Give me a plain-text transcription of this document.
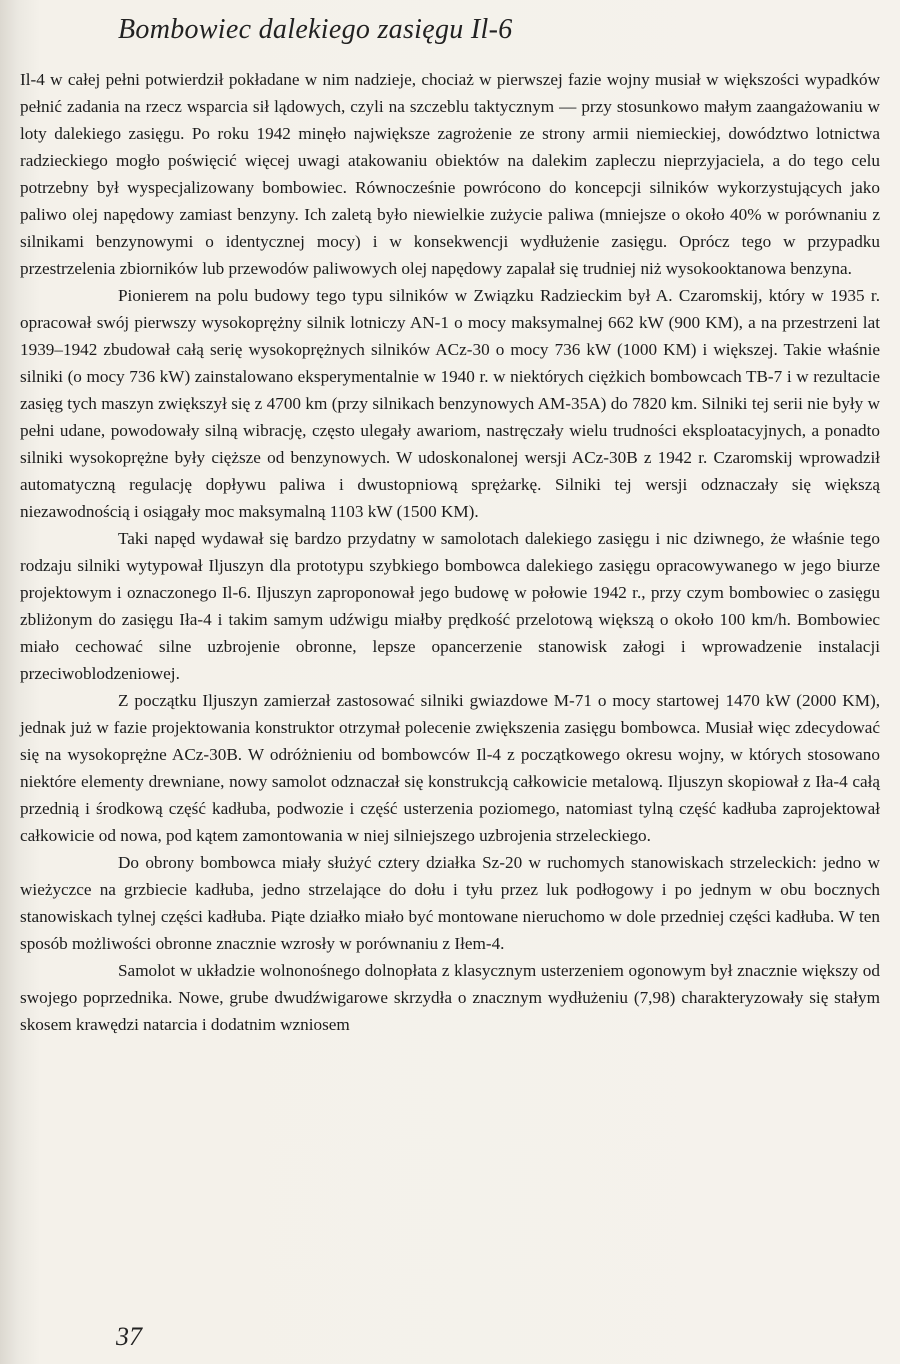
Bombowiec dalekiego zasięgu Il-6

Il-4 w całej pełni potwierdził pokładane w nim nadzieje, chociaż w pierwszej fazie wojny musiał w większości wypadków pełnić zadania na rzecz wsparcia sił lądowych, czyli na szczeblu taktycznym — przy stosunkowo małym zaangażowaniu w loty dalekiego zasięgu. Po roku 1942 minęło największe zagrożenie ze strony armii niemieckiej, dowództwo lotnictwa radzieckiego mogło poświęcić więcej uwagi atakowaniu obiektów na dalekim zapleczu nieprzyjaciela, a do tego celu potrzebny był wyspecjalizowany bombowiec. Równocześnie powrócono do koncepcji silników wykorzystujących jako paliwo olej napędowy zamiast benzyny. Ich zaletą było niewielkie zużycie paliwa (mniejsze o około 40% w porównaniu z silnikami benzynowymi o identycznej mocy) i w konsekwencji wydłużenie zasięgu. Oprócz tego w przypadku przestrzelenia zbiorników lub przewodów paliwowych olej napędowy zapalał się trudniej niż wysokooktanowa benzyna.

Pionierem na polu budowy tego typu silników w Związku Radzieckim był A. Czaromskij, który w 1935 r. opracował swój pierwszy wysokoprężny silnik lotniczy AN-1 o mocy maksymalnej 662 kW (900 KM), a na przestrzeni lat 1939–1942 zbudował całą serię wysokoprężnych silników ACz-30 o mocy 736 kW (1000 KM) i większej. Takie właśnie silniki (o mocy 736 kW) zainstalowano eksperymentalnie w 1940 r. w niektórych ciężkich bombowcach TB-7 i w rezultacie zasięg tych maszyn zwiększył się z 4700 km (przy silnikach benzynowych AM-35A) do 7820 km. Silniki tej serii nie były w pełni udane, powodowały silną wibrację, często ulegały awariom, nastręczały wielu trudności eksploatacyjnych, a ponadto silniki wysokoprężne były cięższe od benzynowych. W udoskonalonej wersji ACz-30B z 1942 r. Czaromskij wprowadził automatyczną regulację dopływu paliwa i dwustopniową sprężarkę. Silniki tej wersji odznaczały się większą niezawodnością i osiągały moc maksymalną 1103 kW (1500 KM).

Taki napęd wydawał się bardzo przydatny w samolotach dalekiego zasięgu i nic dziwnego, że właśnie tego rodzaju silniki wytypował Iljuszyn dla prototypu szybkiego bombowca dalekiego zasięgu opracowywanego w jego biurze projektowym i oznaczonego Il-6. Iljuszyn zaproponował jego budowę w połowie 1942 r., przy czym bombowiec o zasięgu zbliżonym do zasięgu Iła-4 i takim samym udźwigu miałby prędkość przelotową większą o około 100 km/h. Bombowiec miało cechować silne uzbrojenie obronne, lepsze opancerzenie stanowisk załogi i wprowadzenie instalacji przeciwoblodzeniowej.

Z początku Iljuszyn zamierzał zastosować silniki gwiazdowe M-71 o mocy startowej 1470 kW (2000 KM), jednak już w fazie projektowania konstruktor otrzymał polecenie zwiększenia zasięgu bombowca. Musiał więc zdecydować się na wysokoprężne ACz-30B. W odróżnieniu od bombowców Il-4 z początkowego okresu wojny, w których stosowano niektóre elementy drewniane, nowy samolot odznaczał się konstrukcją całkowicie metalową. Iljuszyn skopiował z Iła-4 całą przednią i środkową część kadłuba, podwozie i część usterzenia poziomego, natomiast tylną część kadłuba zaprojektował całkowicie od nowa, pod kątem zamontowania w niej silniejszego uzbrojenia strzeleckiego.

Do obrony bombowca miały służyć cztery działka Sz-20 w ruchomych stanowiskach strzeleckich: jedno w wieżyczce na grzbiecie kadłuba, jedno strzelające do dołu i tyłu przez luk podłogowy i po jednym w obu bocznych stanowiskach tylnej części kadłuba. Piąte działko miało być montowane nieruchomo w dole przedniej części kadłuba. W ten sposób możliwości obronne znacznie wzrosły w porównaniu z Iłem-4.

Samolot w układzie wolnonośnego dolnopłata z klasycznym usterzeniem ogonowym był znacznie większy od swojego poprzednika. Nowe, grube dwudźwigarowe skrzydła o znacznym wydłużeniu (7,98) charakteryzowały się stałym skosem krawędzi natarcia i dodatnim wzniosem

37
